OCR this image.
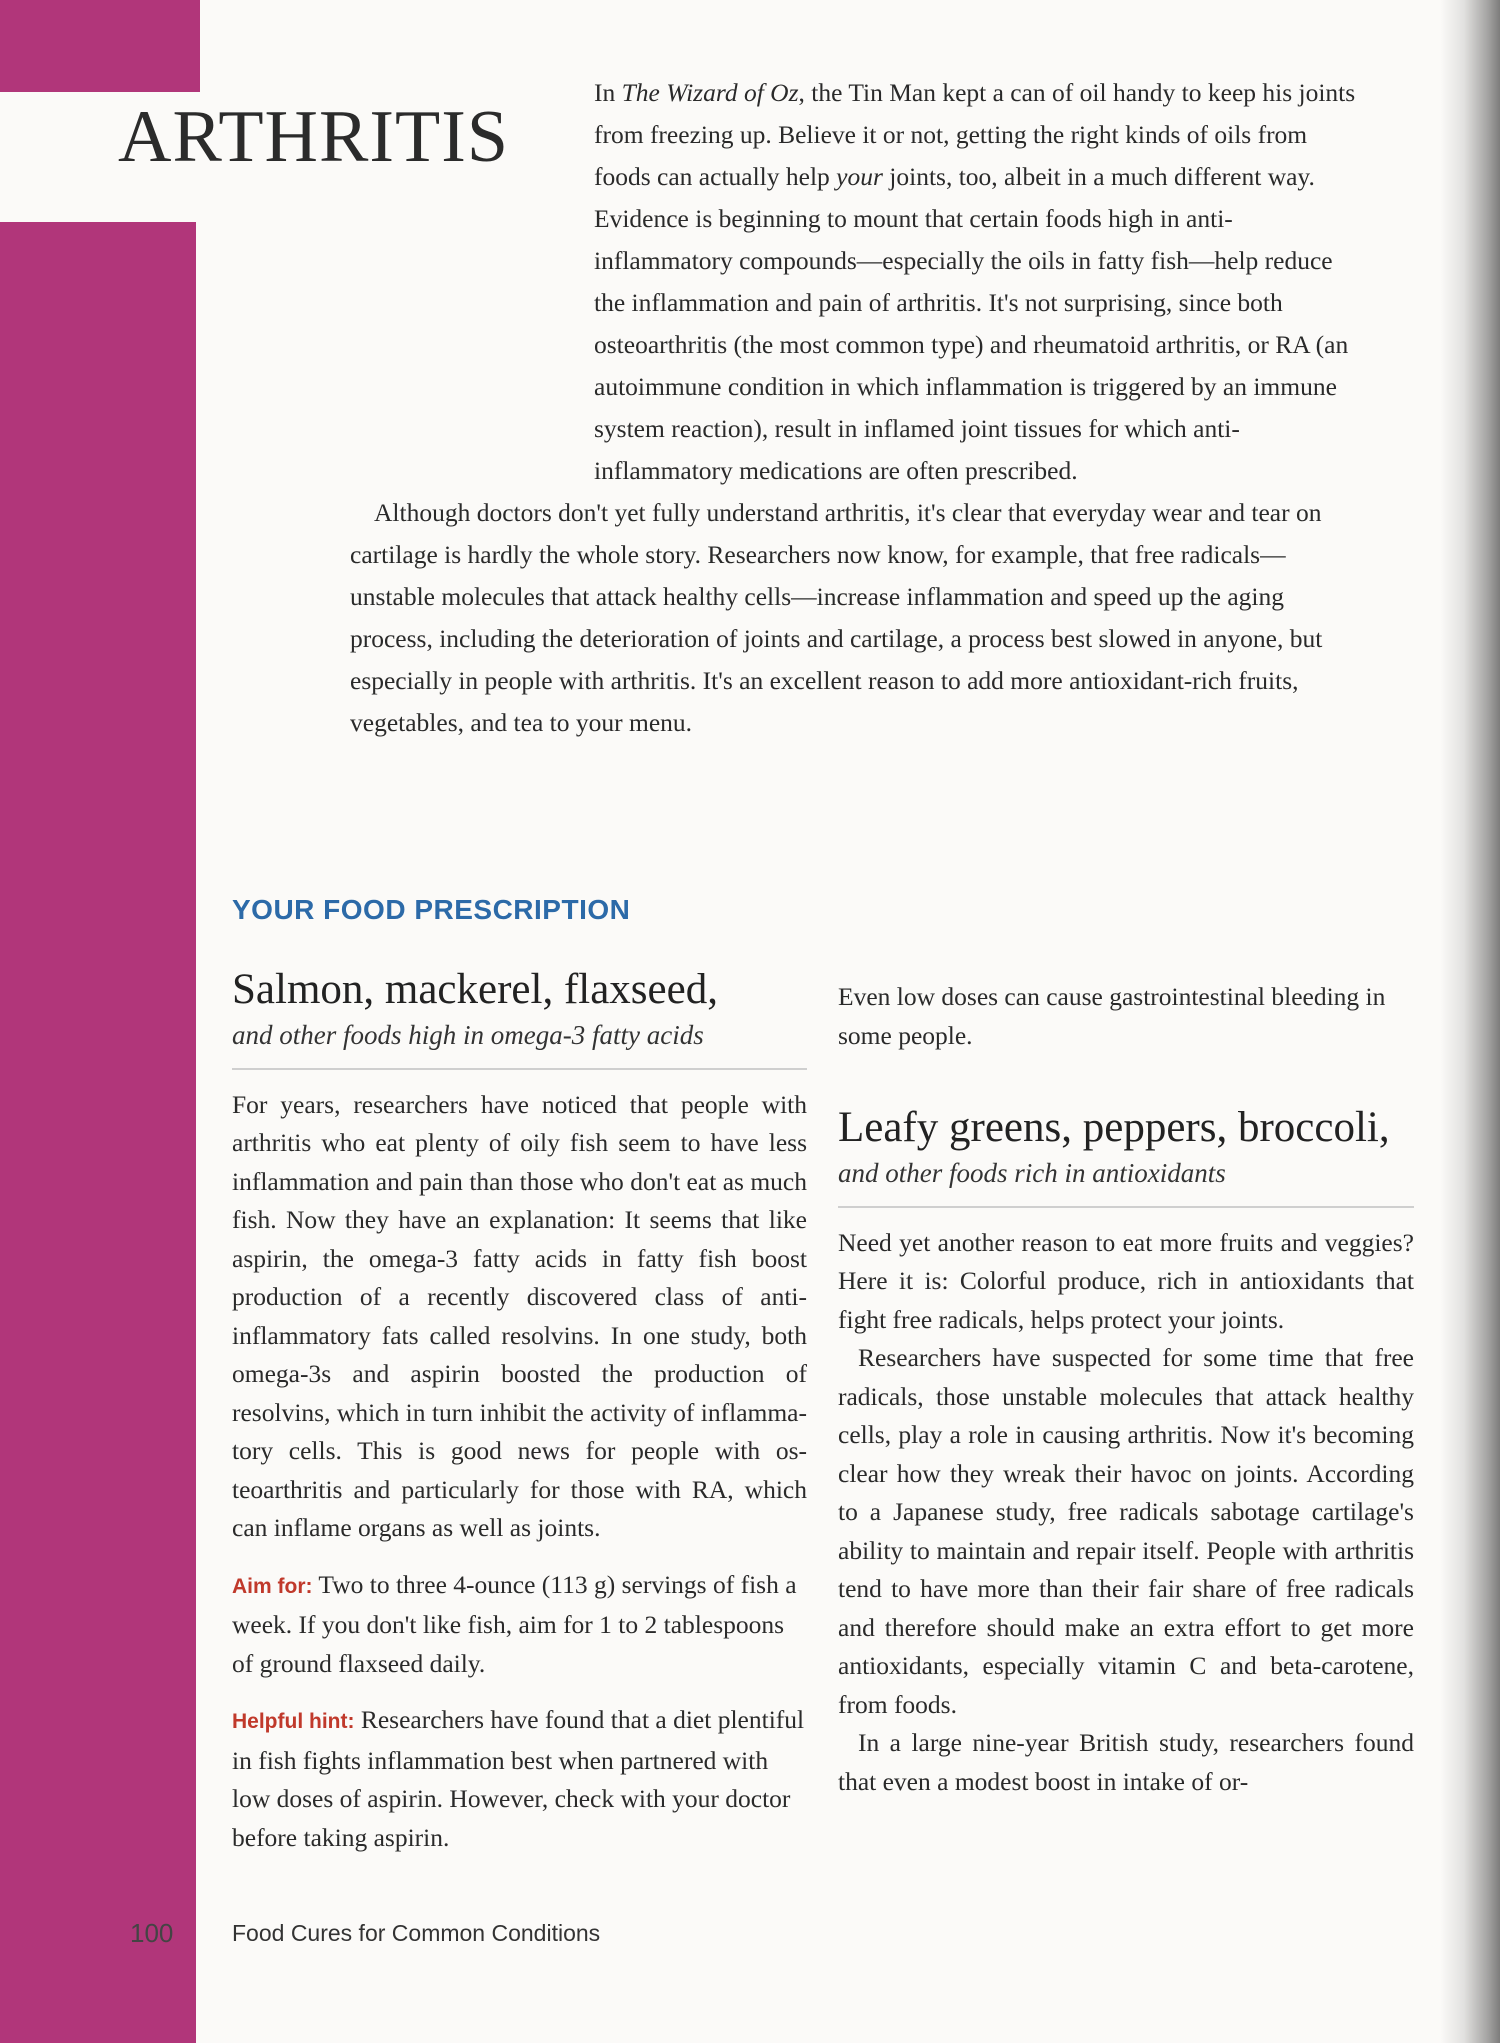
ARTHRITIS

In The Wizard of Oz, the Tin Man kept a can of oil handy to keep his joints from freezing up. Believe it or not, getting the right kinds of oils from foods can actually help your joints, too, albeit in a much different way. Evidence is beginning to mount that certain foods high in anti-inflammatory compounds—especially the oils in fatty fish—help reduce the inflammation and pain of arthritis. It's not surprising, since both osteoarthritis (the most common type) and rheumatoid arthritis, or RA (an autoimmune condition in which inflammation is triggered by an immune system reaction), result in inflamed joint tissues for which anti-inflammatory medications are often prescribed.

Although doctors don't yet fully understand arthritis, it's clear that everyday wear and tear on cartilage is hardly the whole story. Researchers now know, for example, that free radicals—unstable molecules that attack healthy cells—increase inflammation and speed up the aging process, including the deterioration of joints and cartilage, a process best slowed in anyone, but especially in people with arthritis. It's an excellent reason to add more antioxidant-rich fruits, vegetables, and tea to your menu.

YOUR FOOD PRESCRIPTION
Salmon, mackerel, flaxseed,
and other foods high in omega-3 fatty acids

For years, researchers have noticed that people with arthritis who eat plenty of oily fish seem to have less inflammation and pain than those who don't eat as much fish. Now they have an explanation: It seems that like aspirin, the omega-3 fatty acids in fatty fish boost production of a recently discovered class of anti-inflammatory fats called resolvins. In one study, both omega-3s and aspirin boosted the production of resolvins, which in turn inhibit the activity of inflammatory cells. This is good news for people with osteoarthritis and particularly for those with RA, which can inflame organs as well as joints.

Aim for: Two to three 4-ounce (113 g) servings of fish a week. If you don't like fish, aim for 1 to 2 tablespoons of ground flaxseed daily.

Helpful hint: Researchers have found that a diet plentiful in fish fights inflammation best when partnered with low doses of aspirin. However, check with your doctor before taking aspirin.

Even low doses can cause gastrointestinal bleeding in some people.

Leafy greens, peppers, broccoli,
and other foods rich in antioxidants

Need yet another reason to eat more fruits and veggies? Here it is: Colorful produce, rich in antioxidants that fight free radicals, helps protect your joints.

Researchers have suspected for some time that free radicals, those unstable molecules that attack healthy cells, play a role in causing arthritis. Now it's becoming clear how they wreak their havoc on joints. According to a Japanese study, free radicals sabotage cartilage's ability to maintain and repair itself. People with arthritis tend to have more than their fair share of free radicals and therefore should make an extra effort to get more antioxidants, especially vitamin C and beta-carotene, from foods.

In a large nine-year British study, researchers found that even a modest boost in intake of or-

100	Food Cures for Common Conditions
